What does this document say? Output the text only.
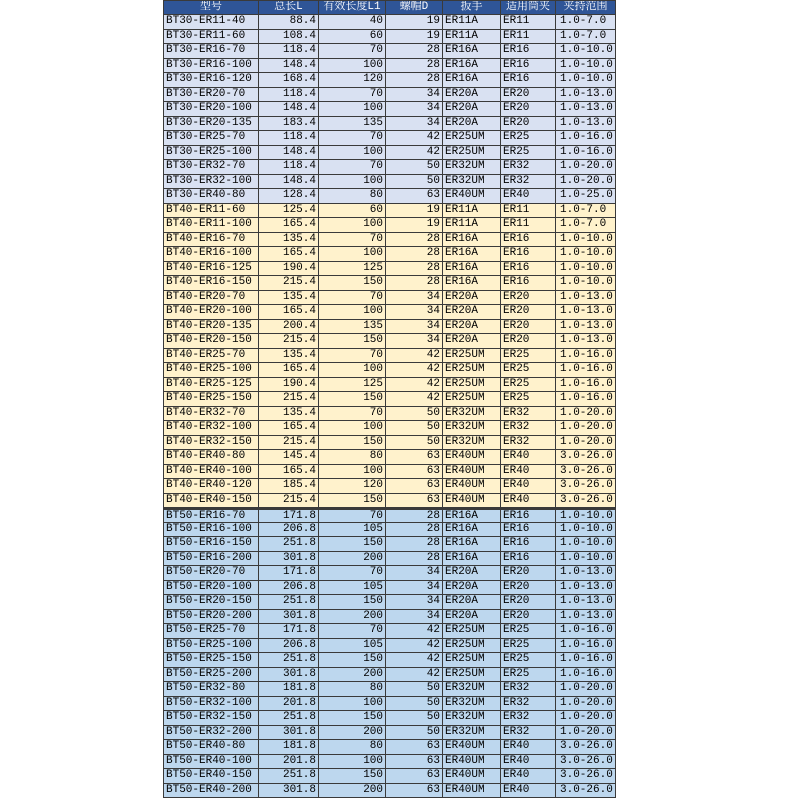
型号	总长L	有效长度L1	螺帽D	扳手	适用筒夹	夹持范围
BT30-ER11-40	88.4	40	19 ER11A	ER11	1.0-7.0
BT30-ER11-60	108.4	60	19 ER11A	ER11	1.0-7.0
BT30-ER16-70	118.4	70	28 ER16A	ER16	1.0-10.0
BT30-ER16-100	148.4	100	28 ER16A	ER16	1.0-10.0
BT30-ER16-120	168.4	120	28 ER16A	ER16	1.0-10.0
BT30-ER20-70	118.4	70	34 ER20A	ER20	1.0-13.0
BT30-ER20-100	148.4	100	34 ER20A	ER20	1.0-13.0
BT30-ER20-135	183.4	135	34 ER20A	ER20	1.0-13.0
BT30-ER25-70	118.4	70	42 ER25UM	ER25	1.0-16.0
BT30-ER25-100	148.4	100	42 ER25UM	ER25	1.0-16.0
BT30-ER32-70	118.4	70	50 ER32UM	ER32	1.0-20.0
BT30-ER32-100	148.4	100	50 ER32UM	ER32	1.0-20.0
BT30-ER40-80	128.4	80	63 ER40UM	ER40	1.0-25.0
BT40-ER11-60	125.4	60	19 ER11A	ER11	1.0-7.0
BT40-ER11-100	165.4	100	19 ER11A	ER11	1.0-7.0
BT40-ER16-70	135.4	70	28 ER16A	ER16	1.0-10.0
BT40-ER16-100	165.4	100	28 ER16A	ER16	1.0-10.0
BT40-ER16-125	190.4	125	28 ER16A	ER16	1.0-10.0
BT40-ER16-150	215.4	150	28 ER16A	ER16	1.0-10.0
BT40-ER20-70	135.4	70	34 ER20A	ER20	1.0-13.0
BT40-ER20-100	165.4	100	34 ER20A	ER20	1.0-13.0
BT40-ER20-135	200.4	135	34 ER20A	ER20	1.0-13.0
BT40-ER20-150	215.4	150	34 ER20A	ER20	1.0-13.0
BT40-ER25-70	135.4	70	42 ER25UM	ER25	1.0-16.0
BT40-ER25-100	165.4	100	42 ER25UM	ER25	1.0-16.0
BT40-ER25-125	190.4	125	42 ER25UM	ER25	1.0-16.0
BT40-ER25-150	215.4	150	42 ER25UM	ER25	1.0-16.0
BT40-ER32-70	135.4	70	50 ER32UM	ER32	1.0-20.0
BT40-ER32-100	165.4	100	50 ER32UM	ER32	1.0-20.0
BT40-ER32-150	215.4	150	50 ER32UM	ER32	1.0-20.0
BT40-ER40-80	145.4	80	63 ER40UM	ER40	3.0-26.0
BT40-ER40-100	165.4	100	63 ER40UM	ER40	3.0-26.0
BT40-ER40-120	185.4	120	63 ER40UM	ER40	3.0-26.0
BT40-ER40-150	215.4	150	63 ER40UM	ER40	3.0-26.0
BT50-ER16-70	171.8	70	28 ER16A	ER16	1.0-10.0
BT50-ER16-100	206.8	105	28 ER16A	ER16	1.0-10.0
BT50-ER16-150	251.8	150	28 ER16A	ER16	1.0-10.0
BT50-ER16-200	301.8	200	28 ER16A	ER16	1.0-10.0
BT50-ER20-70	171.8	70	34 ER20A	ER20	1.0-13.0
BT50-ER20-100	206.8	105	34 ER20A	ER20	1.0-13.0
BT50-ER20-150	251.8	150	34 ER20A	ER20	1.0-13.0
BT50-ER20-200	301.8	200	34 ER20A	ER20	1.0-13.0
BT50-ER25-70	171.8	70	42 ER25UM	ER25	1.0-16.0
BT50-ER25-100	206.8	105	42 ER25UM	ER25	1.0-16.0
BT50-ER25-150	251.8	150	42 ER25UM	ER25	1.0-16.0
BT50-ER25-200	301.8	200	42 ER25UM	ER25	1.0-16.0
BT50-ER32-80	181.8	80	50 ER32UM	ER32	1.0-20.0
BT50-ER32-100	201.8	100	50 ER32UM	ER32	1.0-20.0
BT50-ER32-150	251.8	150	50 ER32UM	ER32	1.0-20.0
BT50-ER32-200	301.8	200	50 ER32UM	ER32	1.0-20.0
BT50-ER40-80	181.8	80	63 ER40UM	ER40	3.0-26.0
BT50-ER40-100	201.8	100	63 ER40UM	ER40	3.0-26.0
BT50-ER40-150	251.8	150	63 ER40UM	ER40	3.0-26.0
BT50-ER40-200	301.8	200	63 ER40UM	ER40	3.0-26.0
